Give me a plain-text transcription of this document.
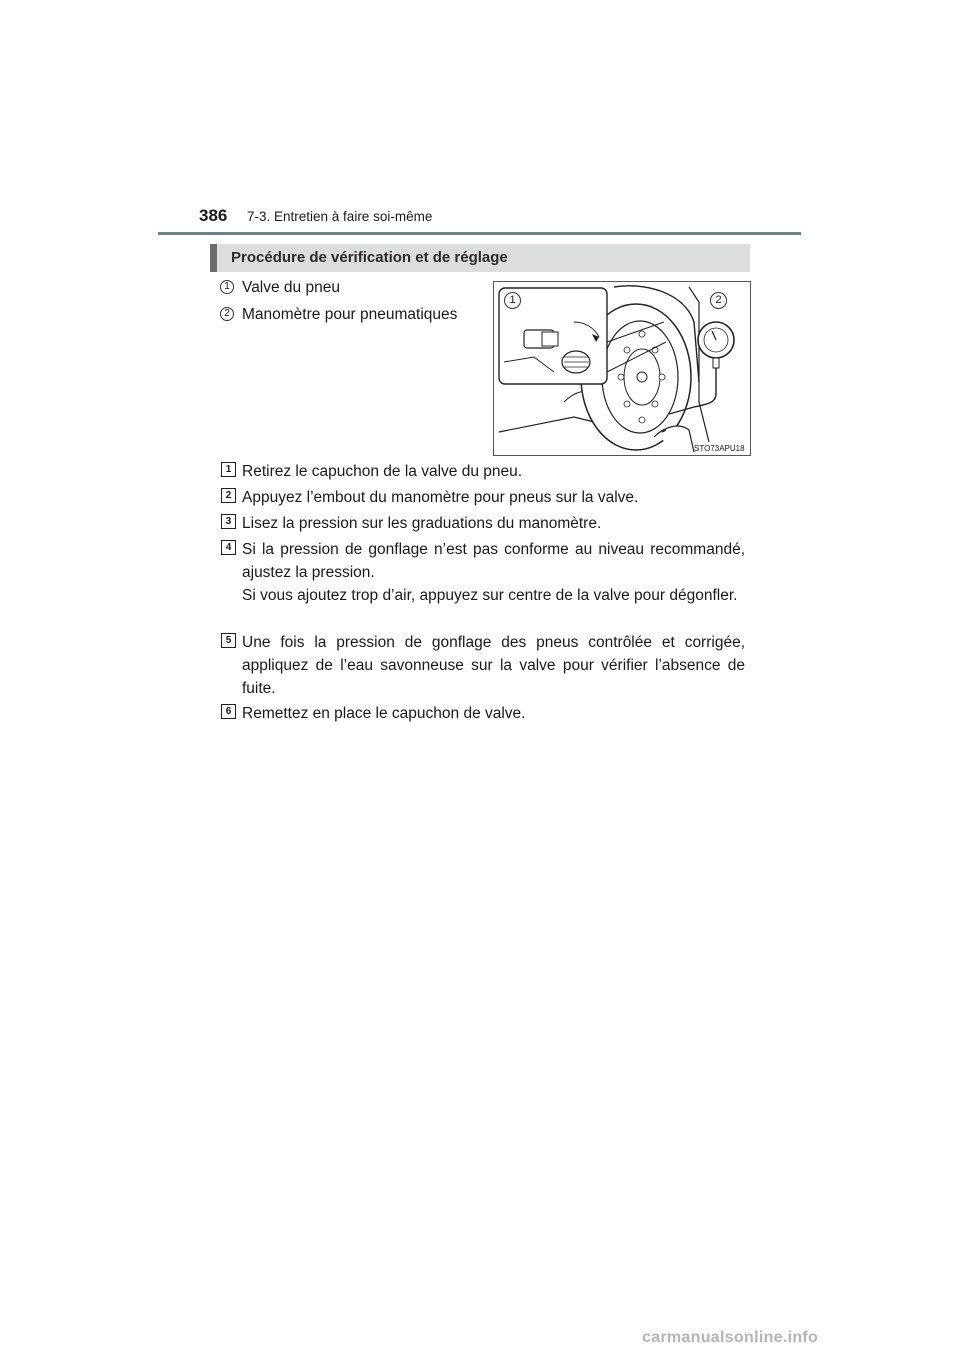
386 7-3. Entretien à faire soi-même
Procédure de vérification et de réglage
1 Valve du pneu
2 Manomètre pour pneumatiques
1	2
STO73APU18
1 Retirez le capuchon de la valve du pneu.
2 Appuyez l’embout du manomètre pour pneus sur la valve.
3 Lisez la pression sur les graduations du manomètre.
4 Si la pression de gonflage n’est pas conforme au niveau recommandé, ajustez la pression.
Si vous ajoutez trop d’air, appuyez sur centre de la valve pour dégonfler.
5 Une fois la pression de gonflage des pneus contrôlée et corrigée, appliquez de l’eau savonneuse sur la valve pour vérifier l’absence de fuite.
6 Remettez en place le capuchon de valve.
carmanualsonline.info
